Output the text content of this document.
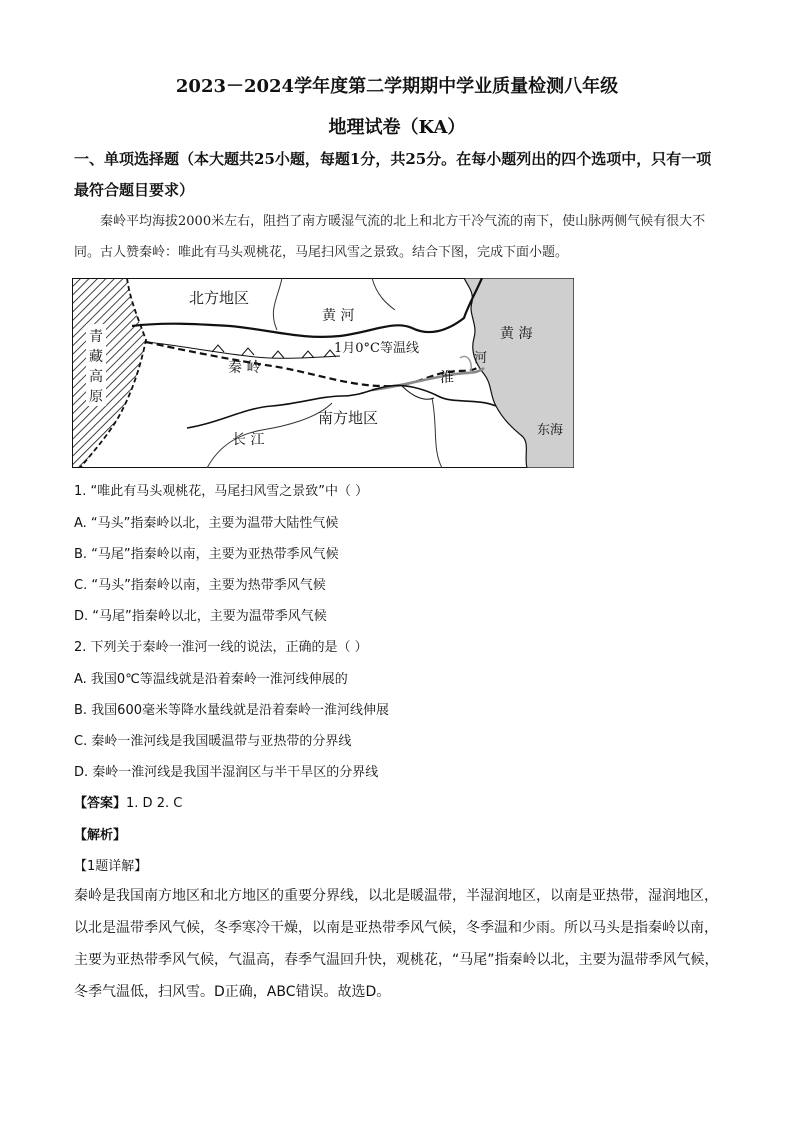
2023－2024学年度第二学期期中学业质量检测八年级
地理试卷（KA）
一、单项选择题（本大题共25小题，每题1分，共25分。在每小题列出的四个选项中，只有一项最符合题目要求）
秦岭平均海拔2000米左右，阻挡了南方暖湿气流的北上和北方干冷气流的南下，使山脉两侧气候有很大不同。古人赞秦岭：唯此有马头观桃花，马尾扫风雪之景致。结合下图，完成下面小题。
北方地区
黄 河
黄 海
青
藏
高
原
1月0°C等温线
秦 岭
河
淮
南方地区
长 江
东海
1. “唯此有马头观桃花，马尾扫风雪之景致”中（ ）
A. “马头”指秦岭以北，主要为温带大陆性气候
B. “马尾”指秦岭以南，主要为亚热带季风气候
C. “马头”指秦岭以南，主要为热带季风气候
D. “马尾”指秦岭以北，主要为温带季风气候
2. 下列关于秦岭一淮河一线的说法，正确的是（ ）
A. 我国0℃等温线就是沿着秦岭一淮河线伸展的
B. 我国600毫米等降水量线就是沿着秦岭一淮河线伸展
C. 秦岭一淮河线是我国暖温带与亚热带的分界线
D. 秦岭一淮河线是我国半湿润区与半干旱区的分界线
【答案】1. D 2. C
【解析】
【1题详解】
秦岭是我国南方地区和北方地区的重要分界线，以北是暖温带，半湿润地区，以南是亚热带，湿润地区，以北是温带季风气候，冬季寒冷干燥，以南是亚热带季风气候，冬季温和少雨。所以马头是指秦岭以南，主要为亚热带季风气候，气温高，春季气温回升快，观桃花，“马尾”指秦岭以北，主要为温带季风气候，冬季气温低，扫风雪。D正确，ABC错误。故选D。
